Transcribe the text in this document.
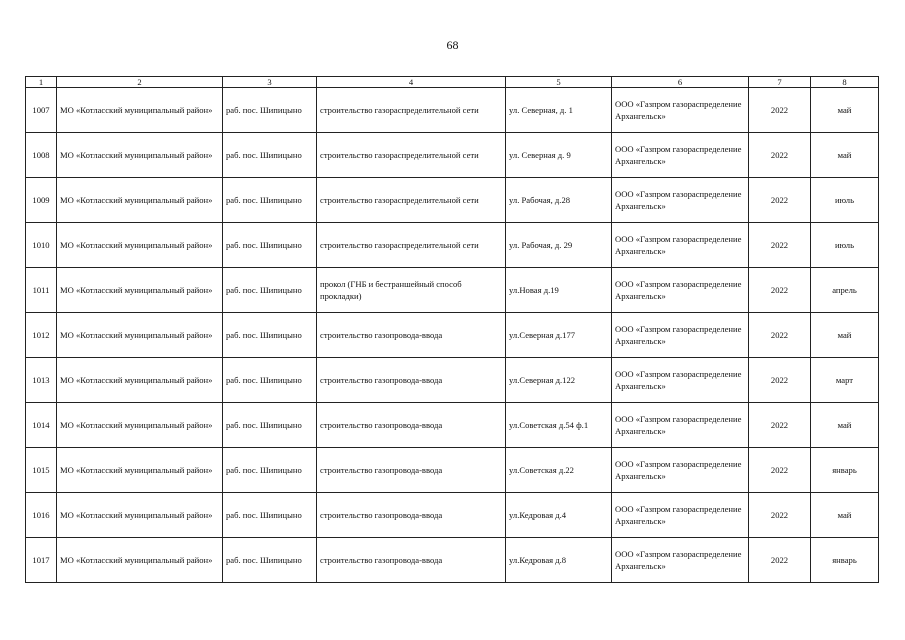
68
1	2	3	4	5	6	7	8
1007	МО «Котласский муниципальный район»	раб. пос. Шипицыно	строительство газораспределительной сети	ул. Северная, д. 1	ООО «Газпром газораспределение Архангельск»	2022	май
1008	МО «Котласский муниципальный район»	раб. пос. Шипицыно	строительство газораспределительной сети	ул. Северная д. 9	ООО «Газпром газораспределение Архангельск»	2022	май
1009	МО «Котласский муниципальный район»	раб. пос. Шипицыно	строительство газораспределительной сети	ул. Рабочая, д.28	ООО «Газпром газораспределение Архангельск»	2022	июль
1010	МО «Котласский муниципальный район»	раб. пос. Шипицыно	строительство газораспределительной сети	ул. Рабочая, д. 29	ООО «Газпром газораспределение Архангельск»	2022	июль
1011	МО «Котласский муниципальный район»	раб. пос. Шипицыно	прокол (ГНБ и бестраншейный способ прокладки)	ул.Новая д.19	ООО «Газпром газораспределение Архангельск»	2022	апрель
1012	МО «Котласский муниципальный район»	раб. пос. Шипицыно	строительство газопровода-ввода	ул.Северная д.177	ООО «Газпром газораспределение Архангельск»	2022	май
1013	МО «Котласский муниципальный район»	раб. пос. Шипицыно	строительство газопровода-ввода	ул.Северная д.122	ООО «Газпром газораспределение Архангельск»	2022	март
1014	МО «Котласский муниципальный район»	раб. пос. Шипицыно	строительство газопровода-ввода	ул.Советская д.54 ф.1	ООО «Газпром газораспределение Архангельск»	2022	май
1015	МО «Котласский муниципальный район»	раб. пос. Шипицыно	строительство газопровода-ввода	ул.Советская д.22	ООО «Газпром газораспределение Архангельск»	2022	январь
1016	МО «Котласский муниципальный район»	раб. пос. Шипицыно	строительство газопровода-ввода	ул.Кедровая д.4	ООО «Газпром газораспределение Архангельск»	2022	май
1017	МО «Котласский муниципальный район»	раб. пос. Шипицыно	строительство газопровода-ввода	ул.Кедровая д.8	ООО «Газпром газораспределение Архангельск»	2022	январь
